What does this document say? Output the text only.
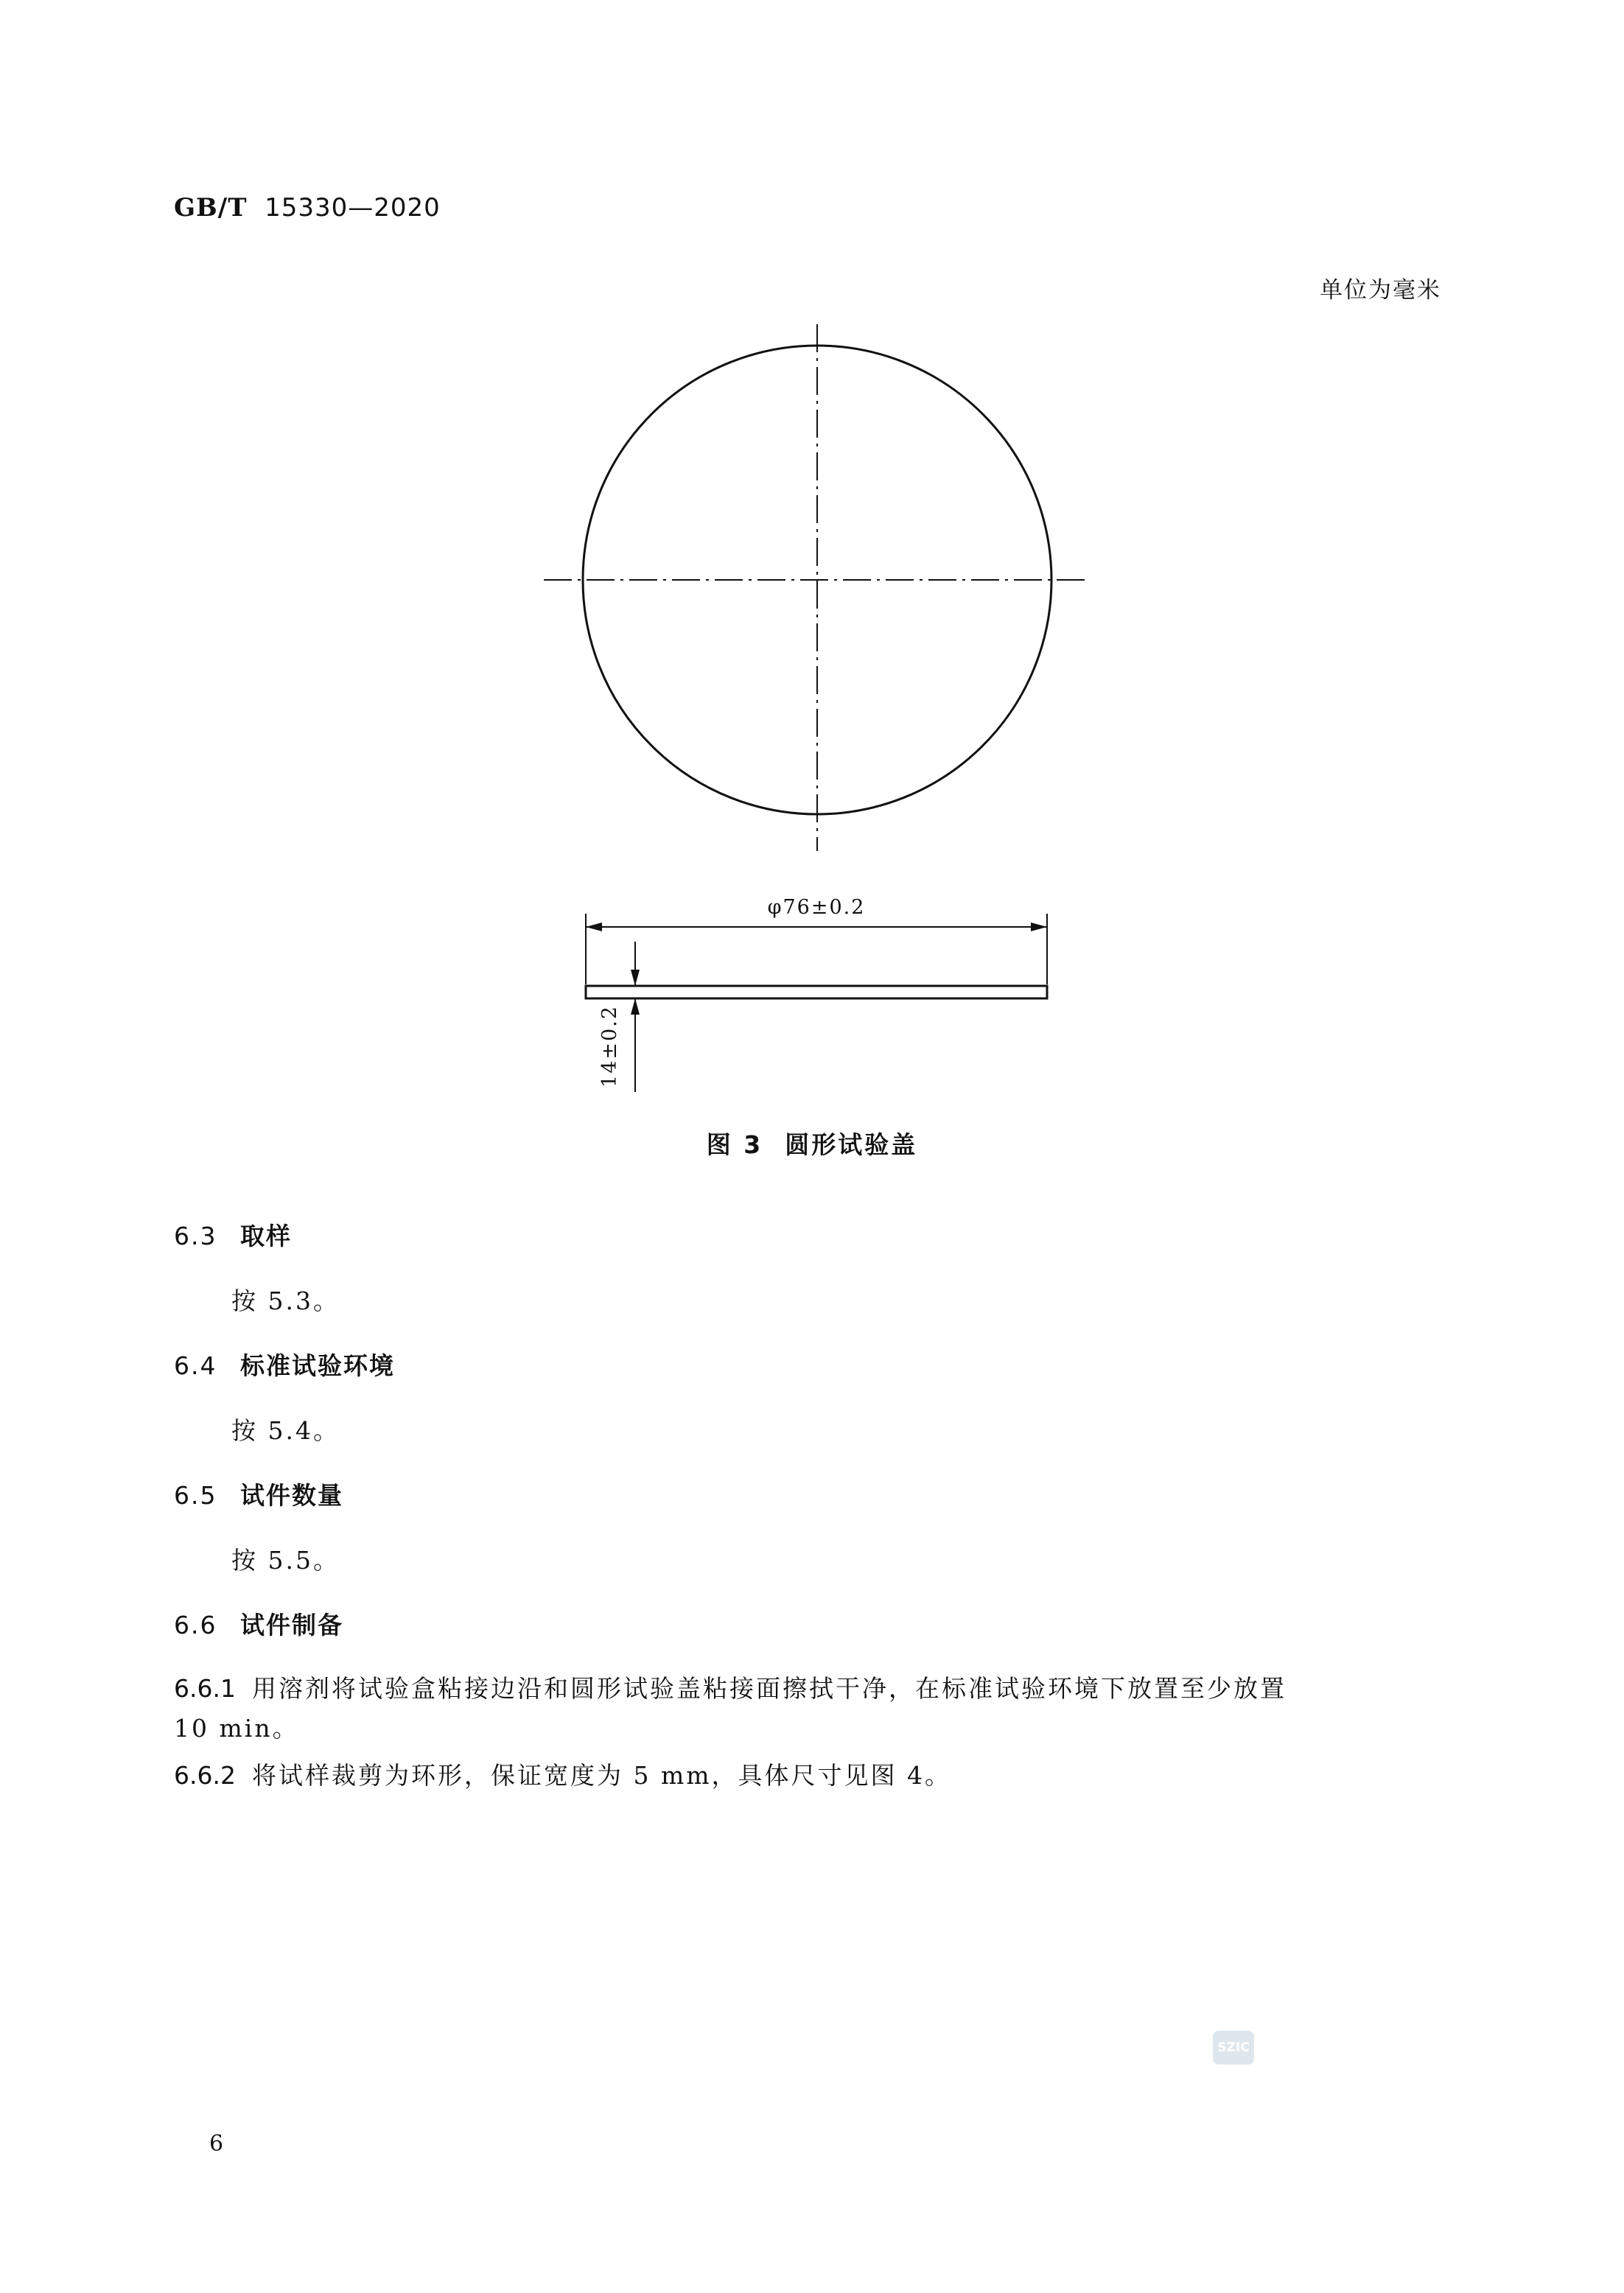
GB/T 15330—2020
单位为毫米
φ76±0.2
14±0.2
图 3 圆形试验盖
6.3 取样
按 5.3。
6.4 标准试验环境
按 5.4。
6.5 试件数量
按 5.5。
6.6 试件制备
6.6.1 用溶剂将试验盒粘接边沿和圆形试验盖粘接面擦拭干净，在标准试验环境下放置至少放置
10 min。
6.6.2 将试样裁剪为环形，保证宽度为 5 mm，具体尺寸见图 4。
SZIC
6
